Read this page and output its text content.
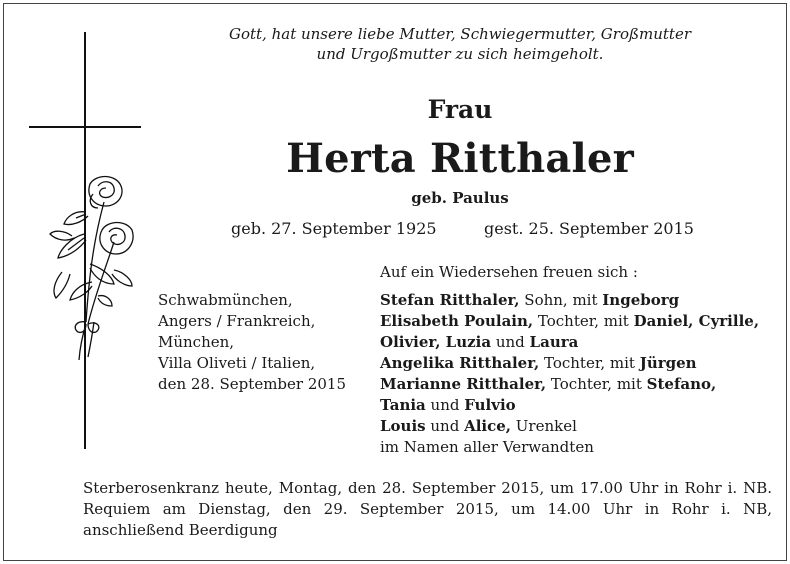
Gott, hat unsere liebe Mutter, Schwiegermutter, Großmutter
und Urgoßmutter zu sich heimgeholt.
Frau
Herta Ritthaler
geb. Paulus
geb. 27. September 1925	gest. 25. September 2015
Auf ein Wiedersehen freuen sich :
Schwabmünchen,
Angers / Frankreich,
München,
Villa Oliveti / Italien,
den 28. September 2015
Stefan Ritthaler, Sohn, mit Ingeborg
Elisabeth Poulain, Tochter, mit Daniel, Cyrille,
Olivier, Luzia und Laura
Angelika Ritthaler, Tochter, mit Jürgen
Marianne Ritthaler, Tochter, mit Stefano,
Tania und Fulvio
Louis und Alice, Urenkel
im Namen aller Verwandten
Sterberosenkranz heute, Montag, den 28. September 2015, um 17.00 Uhr in Rohr i. NB.
Requiem am Dienstag, den 29. September 2015, um 14.00 Uhr in Rohr i. NB,
anschließend Beerdigung
